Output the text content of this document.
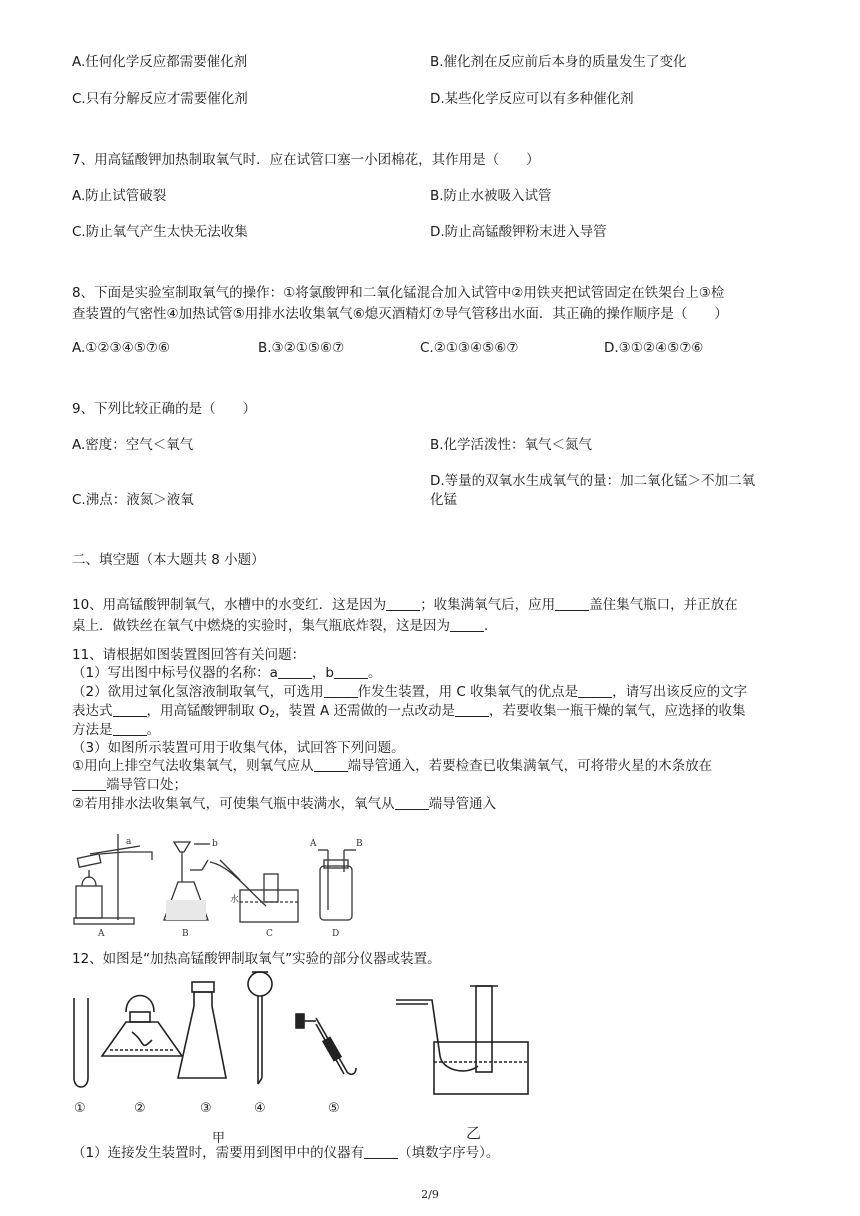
A.任何化学反应都需要催化剂	B.催化剂在反应前后本身的质量发生了变化
C.只有分解反应才需要催化剂	D.某些化学反应可以有多种催化剂
7、用高锰酸钾加热制取氧气时．应在试管口塞一小团棉花，其作用是（　　）
A.防止试管破裂	B.防止水被吸入试管
C.防止氧气产生太快无法收集	D.防止高锰酸钾粉末进入导管
8、下面是实验室制取氧气的操作：①将氯酸钾和二氧化锰混合加入试管中②用铁夹把试管固定在铁架台上③检
查装置的气密性④加热试管⑤用排水法收集氧气⑥熄灭酒精灯⑦导气管移出水面．其正确的操作顺序是（　　）
A.①②③④⑤⑦⑥	B.③②①⑤⑥⑦	C.②①③④⑤⑥⑦	D.③①②④⑤⑦⑥
9、下列比较正确的是（　　）
A.密度：空气＜氧气	B.化学活泼性：氧气＜氮气
D.等量的双氧水生成氧气的量：加二氧化锰＞不加二氧
化锰
C.沸点：液氮＞液氧
二、填空题（本大题共 8 小题）
10、用高锰酸钾制氧气，水槽中的水变红．这是因为	；收集满氧气后，应用	盖住集气瓶口，并正放在
桌上．做铁丝在氧气中燃烧的实验时，集气瓶底炸裂，这是因为	．
11、请根据如图装置图回答有关问题：
（1）写出图中标号仪器的名称：a	，b	。
（2）欲用过氧化氢溶液制取氧气，可选用	作发生装置，用 C 收集氧气的优点是	，请写出该反应的文字
表达式	，用高锰酸钾制取 $O_2$，装置 A 还需做的一点改动是	，若要收集一瓶干燥的氧气，应选择的收集
方法是	。
（3）如图所示装置可用于收集气体，试回答下列问题。
①用向上排空气法收集氧气，则氧气应从	端导管通入，若要检查已收集满氧气，可将带火星的木条放在
端导管口处；
②若用排水法收集氧气，可使集气瓶中装满水，氧气从	端导管通入
A	B	C	D
水
a	b	A	B
12、如图是“加热高锰酸钾制取氧气”实验的部分仪器或装置。
①	②	③	④	⑤
甲	乙
（1）连接发生装置时，需要用到图甲中的仪器有	（填数字序号）。
2/9
